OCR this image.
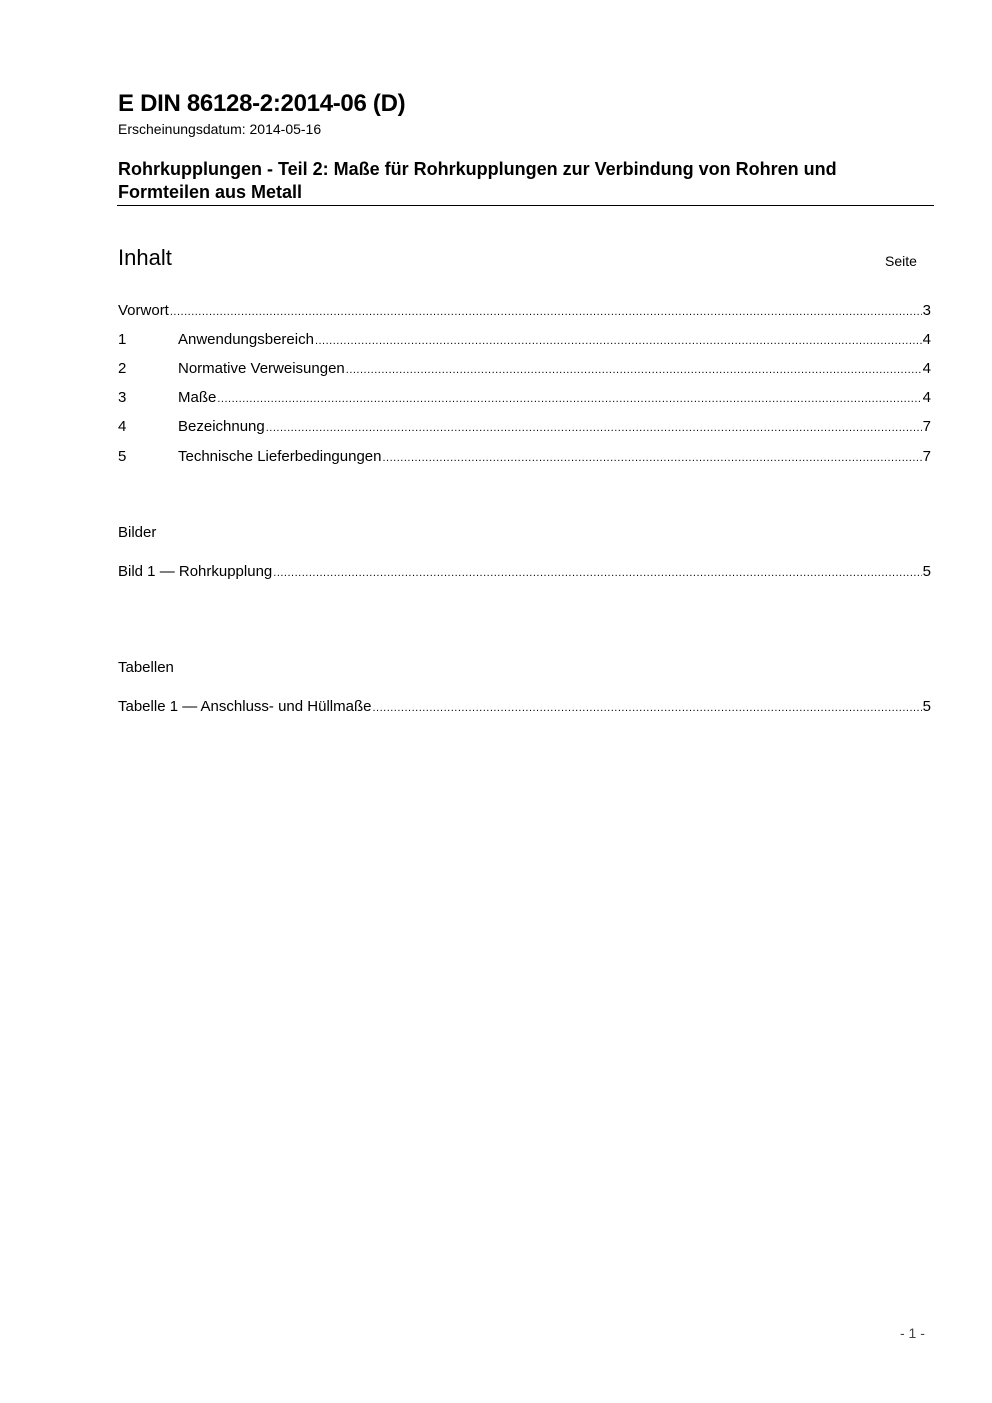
E DIN 86128-2:2014-06 (D)
Erscheinungsdatum: 2014-05-16
Rohrkupplungen - Teil 2: Maße für Rohrkupplungen zur Verbindung von Rohren und Formteilen aus Metall
Inhalt	Seite
Vorwort .....	3
1	Anwendungsbereich .....	4
2	Normative Verweisungen .....	4
3	Maße .....	4
4	Bezeichnung .....	7
5	Technische Lieferbedingungen .....	7
Bilder
Bild 1 — Rohrkupplung .....	5
Tabellen
Tabelle 1 — Anschluss- und Hüllmaße .....	5
- 1 -
